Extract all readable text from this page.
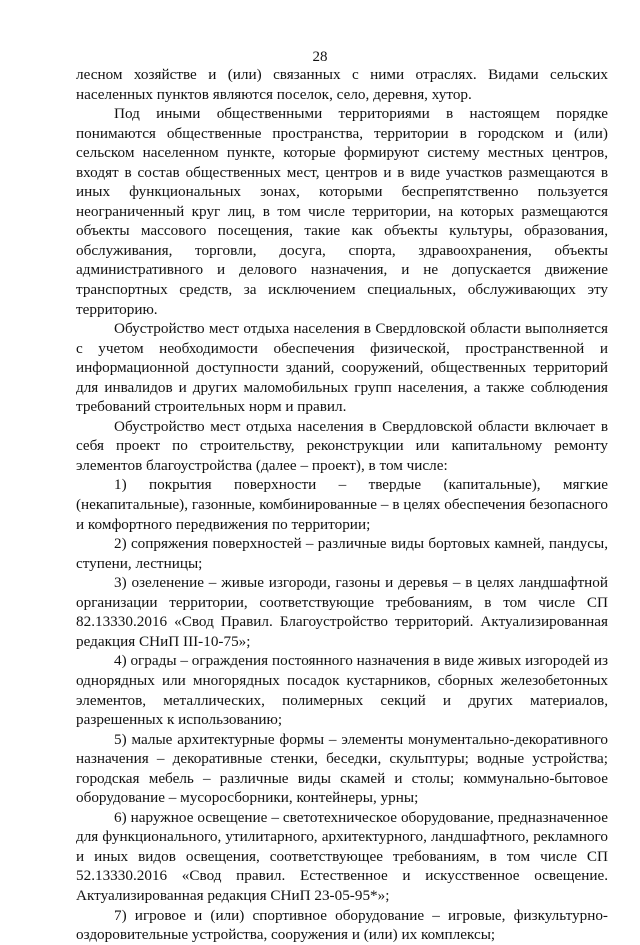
28

лесном хозяйстве и (или) связанных с ними отраслях. Видами сельских населенных пунктов являются поселок, село, деревня, хутор.

Под иными общественными территориями в настоящем порядке понимаются общественные пространства, территории в городском и (или) сельском населенном пункте, которые формируют систему местных центров, входят в состав общественных мест, центров и в виде участков размещаются в иных функциональных зонах, которыми беспрепятственно пользуется неограниченный круг лиц, в том числе территории, на которых размещаются объекты массового посещения, такие как объекты культуры, образования, обслуживания, торговли, досуга, спорта, здравоохранения, объекты административного и делового назначения, и не допускается движение транспортных средств, за исключением специальных, обслуживающих эту территорию.

Обустройство мест отдыха населения в Свердловской области выполняется с учетом необходимости обеспечения физической, пространственной и информационной доступности зданий, сооружений, общественных территорий для инвалидов и других маломобильных групп населения, а также соблюдения требований строительных норм и правил.

Обустройство мест отдыха населения в Свердловской области включает в себя проект по строительству, реконструкции или капитальному ремонту элементов благоустройства (далее – проект), в том числе:

1) покрытия поверхности – твердые (капитальные), мягкие (некапитальные), газонные, комбинированные – в целях обеспечения безопасного и комфортного передвижения по территории;

2) сопряжения поверхностей – различные виды бортовых камней, пандусы, ступени, лестницы;

3) озеленение – живые изгороди, газоны и деревья – в целях ландшафтной организации территории, соответствующие требованиям, в том числе СП 82.13330.2016 «Свод Правил. Благоустройство территорий. Актуализированная редакция СНиП III-10-75»;

4) ограды – ограждения постоянного назначения в виде живых изгородей из однорядных или многорядных посадок кустарников, сборных железобетонных элементов, металлических, полимерных секций и других материалов, разрешенных к использованию;

5) малые архитектурные формы – элементы монументально-декоративного назначения – декоративные стенки, беседки, скульптуры; водные устройства; городская мебель – различные виды скамей и столы; коммунально-бытовое оборудование – мусоросборники, контейнеры, урны;

6) наружное освещение – светотехническое оборудование, предназначенное для функционального, утилитарного, архитектурного, ландшафтного, рекламного и иных видов освещения, соответствующее требованиям, в том числе СП 52.13330.2016 «Свод правил. Естественное и искусственное освещение. Актуализированная редакция СНиП 23-05-95*»;

7) игровое и (или) спортивное оборудование – игровые, физкультурно-оздоровительные устройства, сооружения и (или) их комплексы;
